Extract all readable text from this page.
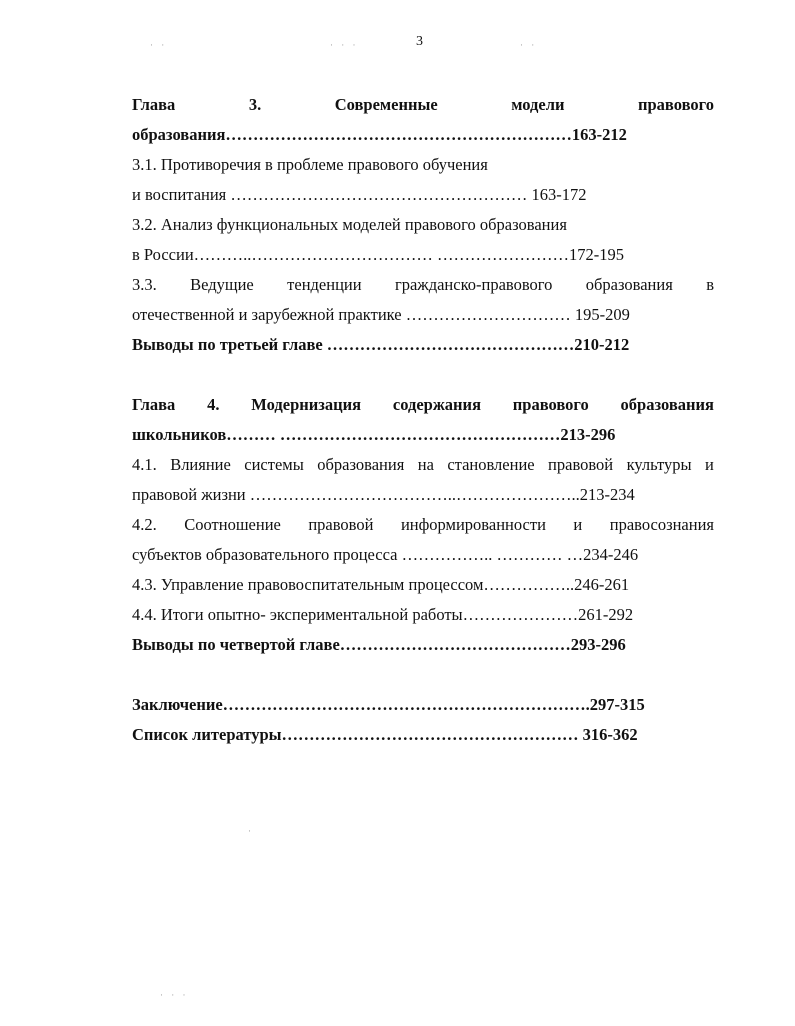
3
· ·	· · ·	· ·
·
· · ·
Глава	3.	Современные	модели	правового
образования………………………………………………………163-212
3.1. Противоречия в проблеме правового обучения
и воспитания ……………………………………………… 163-172
3.2. Анализ функциональных моделей правового образования
в России………..…………………………… ……………………172-195
3.3. Ведущие тенденции гражданско-правового образования в
отечественной и зарубежной практике ………………………… 195-209
Выводы по третьей главе ………………………………………210-212
Глава 4. Модернизация содержания правового образования
школьников……… ……………………………………………213-296
4.1. Влияние системы образования на становление правовой культуры и
правовой жизни ………………………………..…………………..213-234
4.2. Соотношение правовой информированности и правосознания
субъектов образовательного процесса …………….. ………… …234-246
4.3. Управление правовоспитательным процессом……………..246-261
4.4. Итоги опытно- экспериментальной работы…………………261-292
Выводы по четвертой главе……………………………………293-296
Заключение………………………………………………………….297-315
Список литературы……………………………………………… 316-362
